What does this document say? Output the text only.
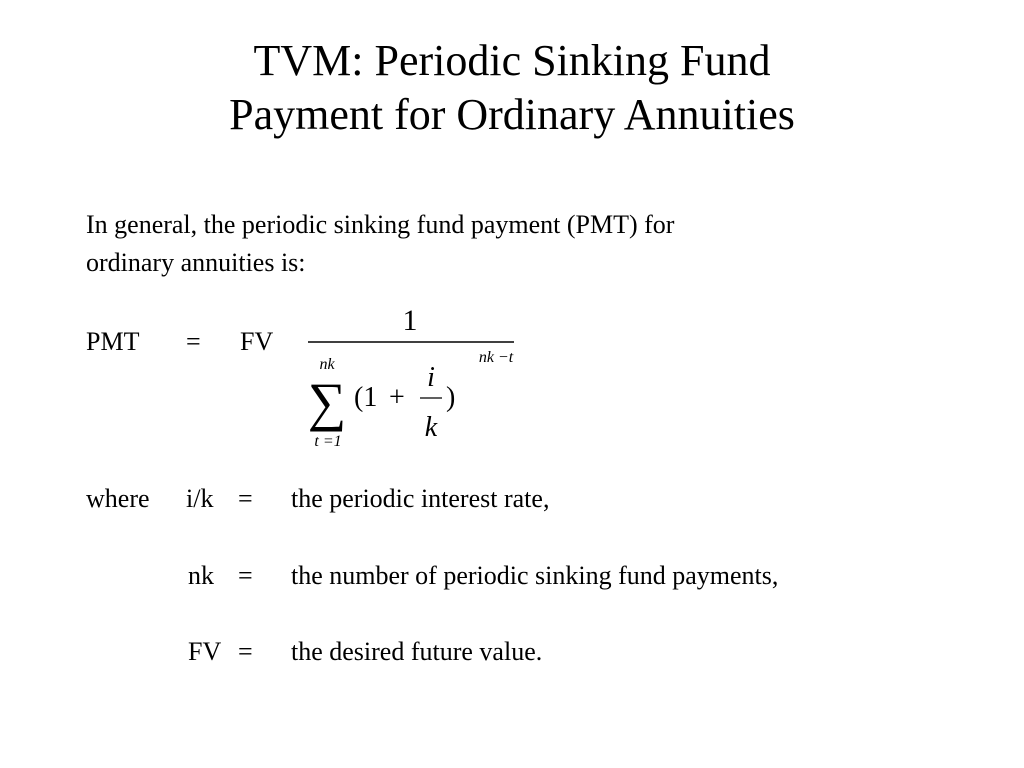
TVM: Periodic Sinking Fund
Payment for Ordinary Annuities
In general, the periodic sinking fund payment (PMT) for
ordinary annuities is:
PMT = FV
1
nk
∑
t =1
(1 +
i
k
)
nk −t
where i/k = the periodic interest rate,
nk = the number of periodic sinking fund payments,
FV = the desired future value.
